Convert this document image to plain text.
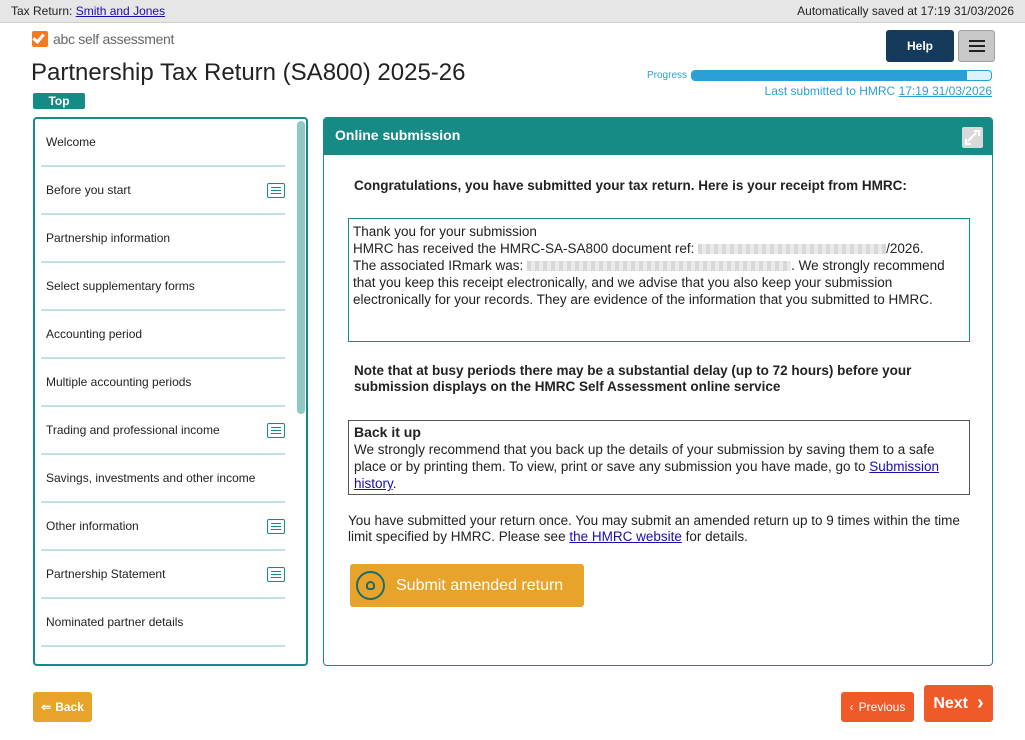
Tax Return: Smith and Jones	Automatically saved at 17:19 31/03/2026
abc self assessment
Partnership Tax Return (SA800) 2025-26
Top
Help
Progress
Last submitted to HMRC 17:19 31/03/2026
Welcome
Before you start
Partnership information
Select supplementary forms
Accounting period
Multiple accounting periods
Trading and professional income
Savings, investments and other income
Other information
Partnership Statement
Nominated partner details
Online submission
Congratulations, you have submitted your tax return. Here is your receipt from HMRC:
Thank you for your submission
HMRC has received the HMRC-SA-SA800 document ref:	/2026.
The associated IRmark was:	. We strongly recommend that you keep this receipt electronically, and we advise that you also keep your submission electronically for your records. They are evidence of the information that you submitted to HMRC.
Note that at busy periods there may be a substantial delay (up to 72 hours) before your submission displays on the HMRC Self Assessment online service
Back it up
We strongly recommend that you back up the details of your submission by saving them to a safe place or by printing them. To view, print or save any submission you have made, go to Submission history.
You have submitted your return once. You may submit an amended return up to 9 times within the time limit specified by HMRC. Please see the HMRC website for details.
Submit amended return
⇐ Back	‹ Previous Next ›
